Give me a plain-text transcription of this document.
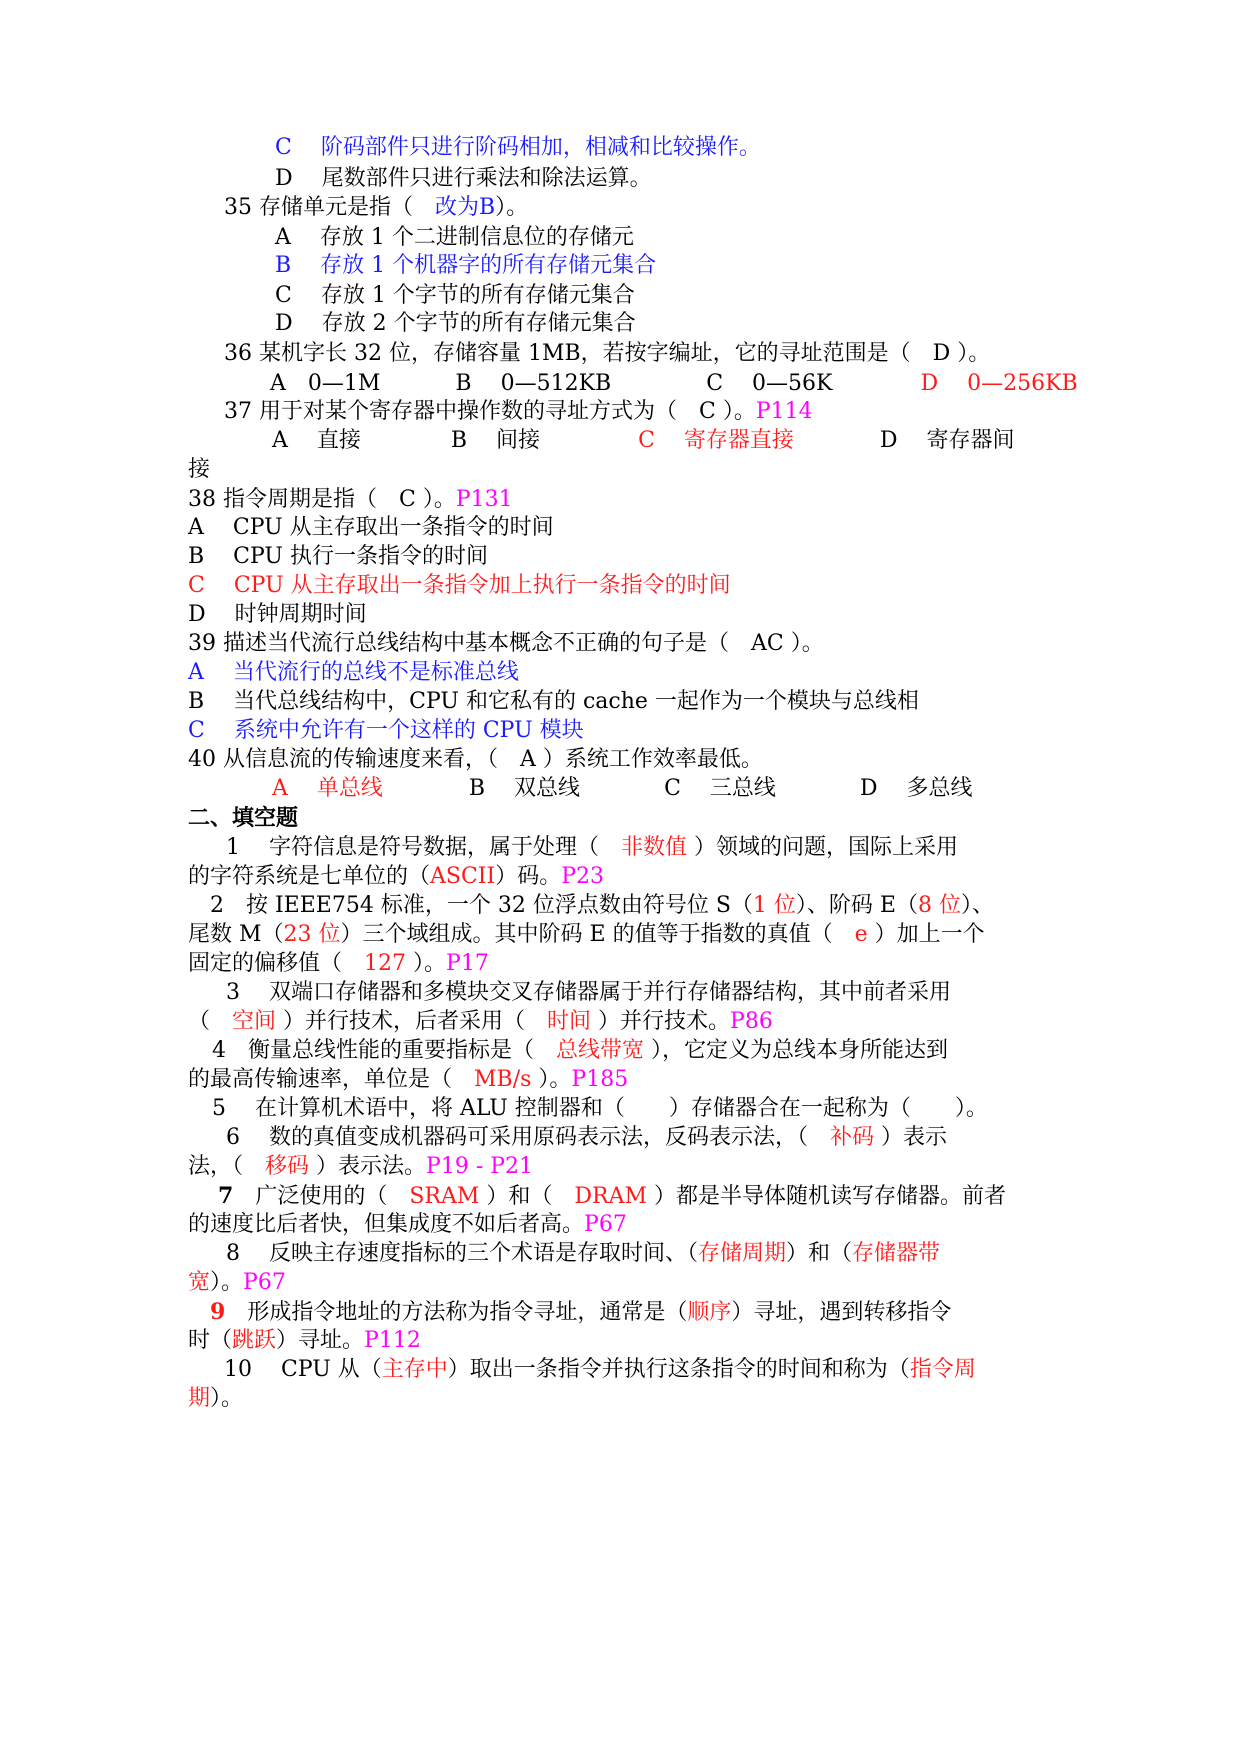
C　 阶码部件只进行阶码相加，相减和比较操作。
D　 尾数部件只进行乘法和除法运算。
35 存储单元是指（　改为B）。
A　 存放 1 个二进制信息位的存储元
B　 存放 1 个机器字的所有存储元集合
C　 存放 1 个字节的所有存储元集合
D　 存放 2 个字节的所有存储元集合
36 某机字长 32 位，存储容量 1MB，若按字编址，它的寻址范围是（　D ）。
A　0—1M	B　 0—512KB	C　 0—56K	D　 0—256KB
37 用于对某个寄存器中操作数的寻址方式为（　C ）。P114
A　 直接	B　 间接	C　 寄存器直接	D　 寄存器间
接
38 指令周期是指（　C ）。P131
A　 CPU 从主存取出一条指令的时间
B　 CPU 执行一条指令的时间
C　 CPU 从主存取出一条指令加上执行一条指令的时间
D　 时钟周期时间
39 描述当代流行总线结构中基本概念不正确的句子是（　AC ）。
A　 当代流行的总线不是标准总线
B　 当代总线结构中，CPU 和它私有的 cache 一起作为一个模块与总线相
C　 系统中允许有一个这样的 CPU 模块
40 从信息流的传输速度来看，（　A ）系统工作效率最低。
A　 单总线	B　 双总线	C　 三总线	D　 多总线
二、填空题
1　 字符信息是符号数据，属于处理（　非数值 ）领域的问题，国际上采用
的字符系统是七单位的（ASCII）码。P23
2　按 IEEE754 标准，一个 32 位浮点数由符号位 S（1 位）、阶码 E（8 位）、
尾数 M（23 位）三个域组成。其中阶码 E 的值等于指数的真值（　e ）加上一个
固定的偏移值（　127 ）。P17
3　 双端口存储器和多模块交叉存储器属于并行存储器结构，其中前者采用
（　空间 ）并行技术，后者采用（　时间 ）并行技术。P86
4　衡量总线性能的重要指标是（　总线带宽 ），它定义为总线本身所能达到
的最高传输速率，单位是（　MB/s ）。P185
5　 在计算机术语中，将 ALU 控制器和（　　）存储器合在一起称为（　　）。
6　 数的真值变成机器码可采用原码表示法，反码表示法，（　补码 ）表示
法，（　移码 ）表示法。P19 - P21
7　广泛使用的（　SRAM ）和（　DRAM ）都是半导体随机读写存储器。前者
的速度比后者快，但集成度不如后者高。P67
8　 反映主存速度指标的三个术语是存取时间、（存储周期）和（存储器带
宽）。P67
9　形成指令地址的方法称为指令寻址，通常是（顺序）寻址，遇到转移指令
时（跳跃）寻址。P112
10　 CPU 从（主存中）取出一条指令并执行这条指令的时间和称为（指令周
期）。
